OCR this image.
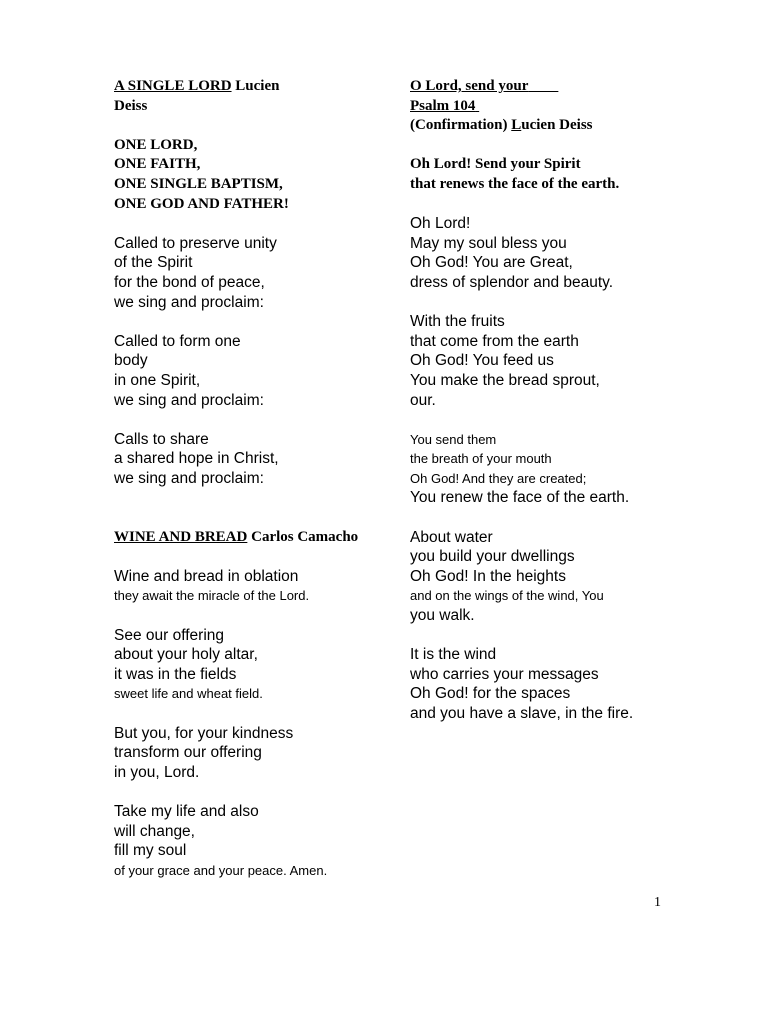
A SINGLE LORD Lucien
Deiss
ONE LORD,
ONE FAITH,
ONE SINGLE BAPTISM,
ONE GOD AND FATHER!
Called to preserve unity
of the Spirit
for the bond of peace,
we sing and proclaim:
Called to form one
body
in one Spirit,
we sing and proclaim:
Calls to share
a shared hope in Christ,
we sing and proclaim:
WINE AND BREAD Carlos Camacho
Wine and bread in oblation
they await the miracle of the Lord.
See our offering
about your holy altar,
it was in the fields
sweet life and wheat field.
But you, for your kindness
transform our offering
in you, Lord.
Take my life and also
will change,
fill my soul
of your grace and your peace. Amen.
O Lord, send your
Psalm 104
(Confirmation) Lucien Deiss
Oh Lord! Send your Spirit
that renews the face of the earth.
Oh Lord!
May my soul bless you
Oh God! You are Great,
dress of splendor and beauty.
With the fruits
that come from the earth
Oh God! You feed us
You make the bread sprout,
our.
You send them
the breath of your mouth
Oh God! And they are created;
You renew the face of the earth.
About water
you build your dwellings
Oh God! In the heights
and on the wings of the wind, You
you walk.
It is the wind
who carries your messages
Oh God! for the spaces
and you have a slave, in the fire.
1
